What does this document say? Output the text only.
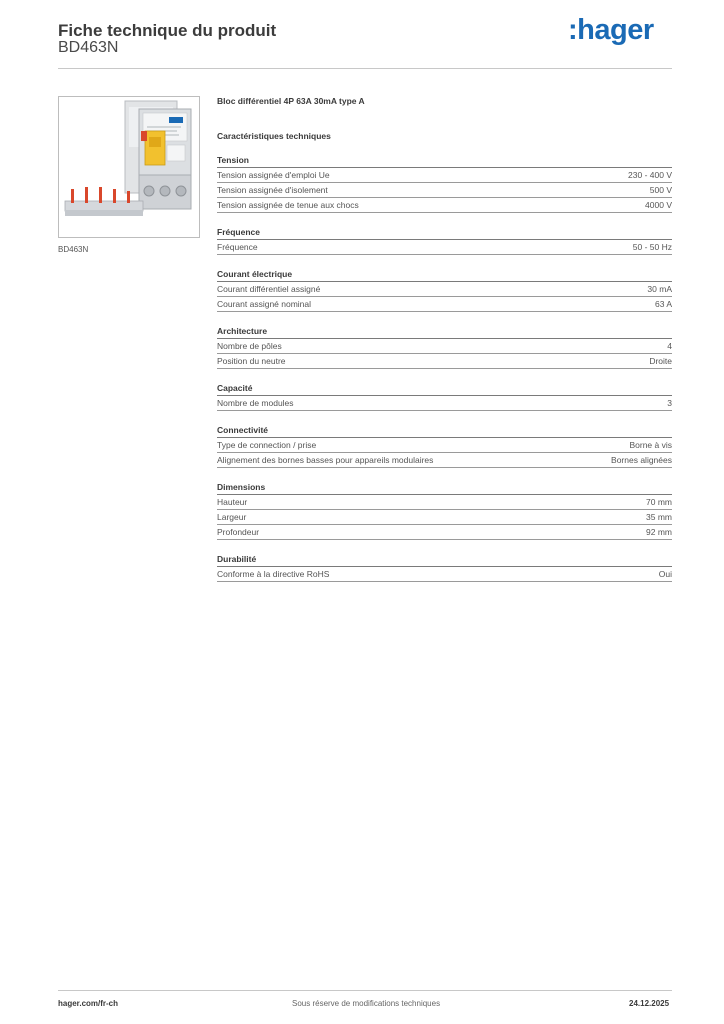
Fiche technique du produit
BD463N
:hager
BD463N
Bloc différentiel 4P 63A 30mA type A
Caractéristiques techniques
Tension
Tension assignée d'emploi Ue	230 - 400 V
Tension assignée d'isolement	500 V
Tension assignée de tenue aux chocs	4000 V
Fréquence
Fréquence	50 - 50 Hz
Courant électrique
Courant différentiel assigné	30 mA
Courant assigné nominal	63 A
Architecture
Nombre de pôles	4
Position du neutre	Droite
Capacité
Nombre de modules	3
Connectivité
Type de connection / prise	Borne à vis
Alignement des bornes basses pour appareils modulaires	Bornes alignées
Dimensions
Hauteur	70 mm
Largeur	35 mm
Profondeur	92 mm
Durabilité
Conforme à la directive RoHS	Oui
hager.com/fr-ch	Sous réserve de modifications techniques	24.12.2025
